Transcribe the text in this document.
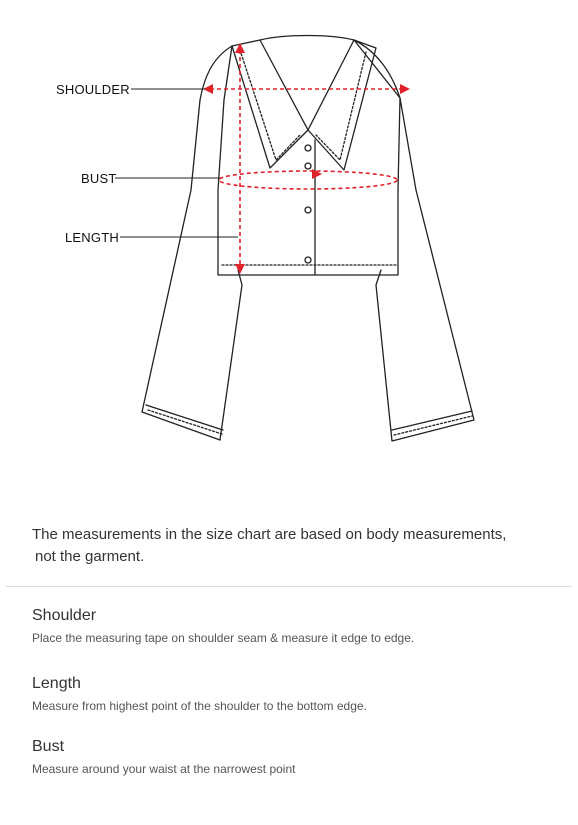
SHOULDER
BUST
LENGTH
The measurements in the size chart are based on body measurements,
not the garment.
Shoulder
Place the measuring tape on shoulder seam & measure it edge to edge.
Length
Measure from highest point of the shoulder to the bottom edge.
Bust
Measure around your waist at the narrowest point
